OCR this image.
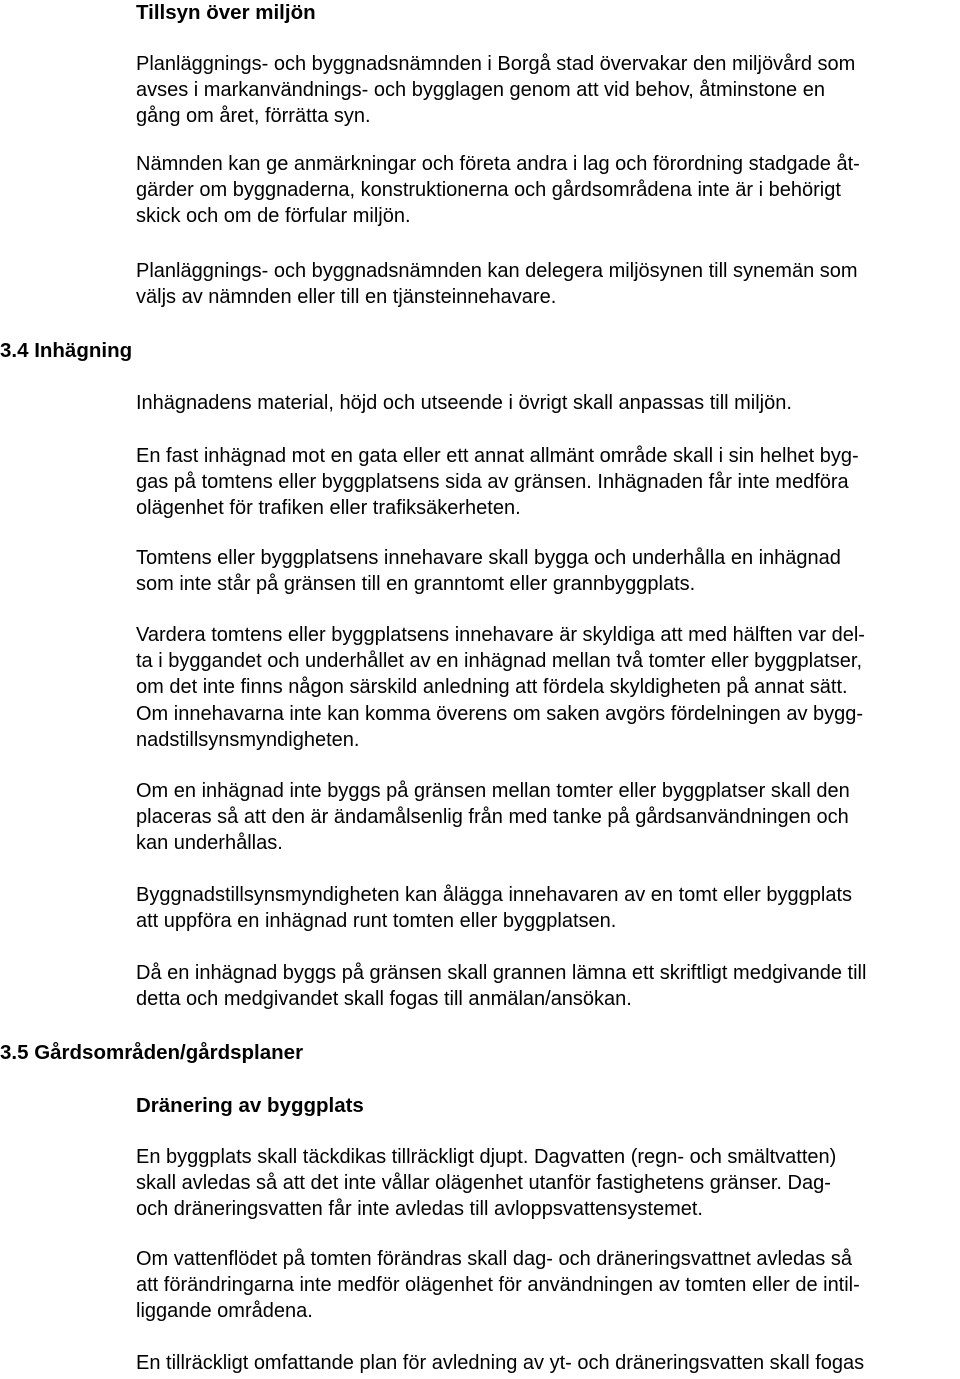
Tillsyn över miljön
Planläggnings- och byggnadsnämnden i Borgå stad övervakar den miljövård som
avses i markanvändnings- och bygglagen genom att vid behov, åtminstone en
gång om året, förrätta syn.
Nämnden kan ge anmärkningar och företa andra i lag och förordning stadgade åt-
gärder om byggnaderna, konstruktionerna och gårdsområdena inte är i behörigt
skick och om de förfular miljön.
Planläggnings- och byggnadsnämnden kan delegera miljösynen till synemän som
väljs av nämnden eller till en tjänsteinnehavare.
3.4 Inhägning
Inhägnadens material, höjd och utseende i övrigt skall anpassas till miljön.
En fast inhägnad mot en gata eller ett annat allmänt område skall i sin helhet byg-
gas på tomtens eller byggplatsens sida av gränsen. Inhägnaden får inte medföra
olägenhet för trafiken eller trafiksäkerheten.
Tomtens eller byggplatsens innehavare skall bygga och underhålla en inhägnad
som inte står på gränsen till en granntomt eller grannbyggplats.
Vardera tomtens eller byggplatsens innehavare är skyldiga att med hälften var del-
ta i byggandet och underhållet av en inhägnad mellan två tomter eller byggplatser,
om det inte finns någon särskild anledning att fördela skyldigheten på annat sätt.
Om innehavarna inte kan komma överens om saken avgörs fördelningen av bygg-
nadstillsynsmyndigheten.
Om en inhägnad inte byggs på gränsen mellan tomter eller byggplatser skall den
placeras så att den är ändamålsenlig från med tanke på gårdsanvändningen och
kan underhållas.
Byggnadstillsynsmyndigheten kan ålägga innehavaren av en tomt eller byggplats
att uppföra en inhägnad runt tomten eller byggplatsen.
Då en inhägnad byggs på gränsen skall grannen lämna ett skriftligt medgivande till
detta och medgivandet skall fogas till anmälan/ansökan.
3.5 Gårdsområden/gårdsplaner
Dränering av byggplats
En byggplats skall täckdikas tillräckligt djupt. Dagvatten (regn- och smältvatten)
skall avledas så att det inte vållar olägenhet utanför fastighetens gränser. Dag-
och dräneringsvatten får inte avledas till avloppsvattensystemet.
Om vattenflödet på tomten förändras skall dag- och dräneringsvattnet avledas så
att förändringarna inte medför olägenhet för användningen av tomten eller de intil-
liggande områdena.
En tillräckligt omfattande plan för avledning av yt- och dräneringsvatten skall fogas
